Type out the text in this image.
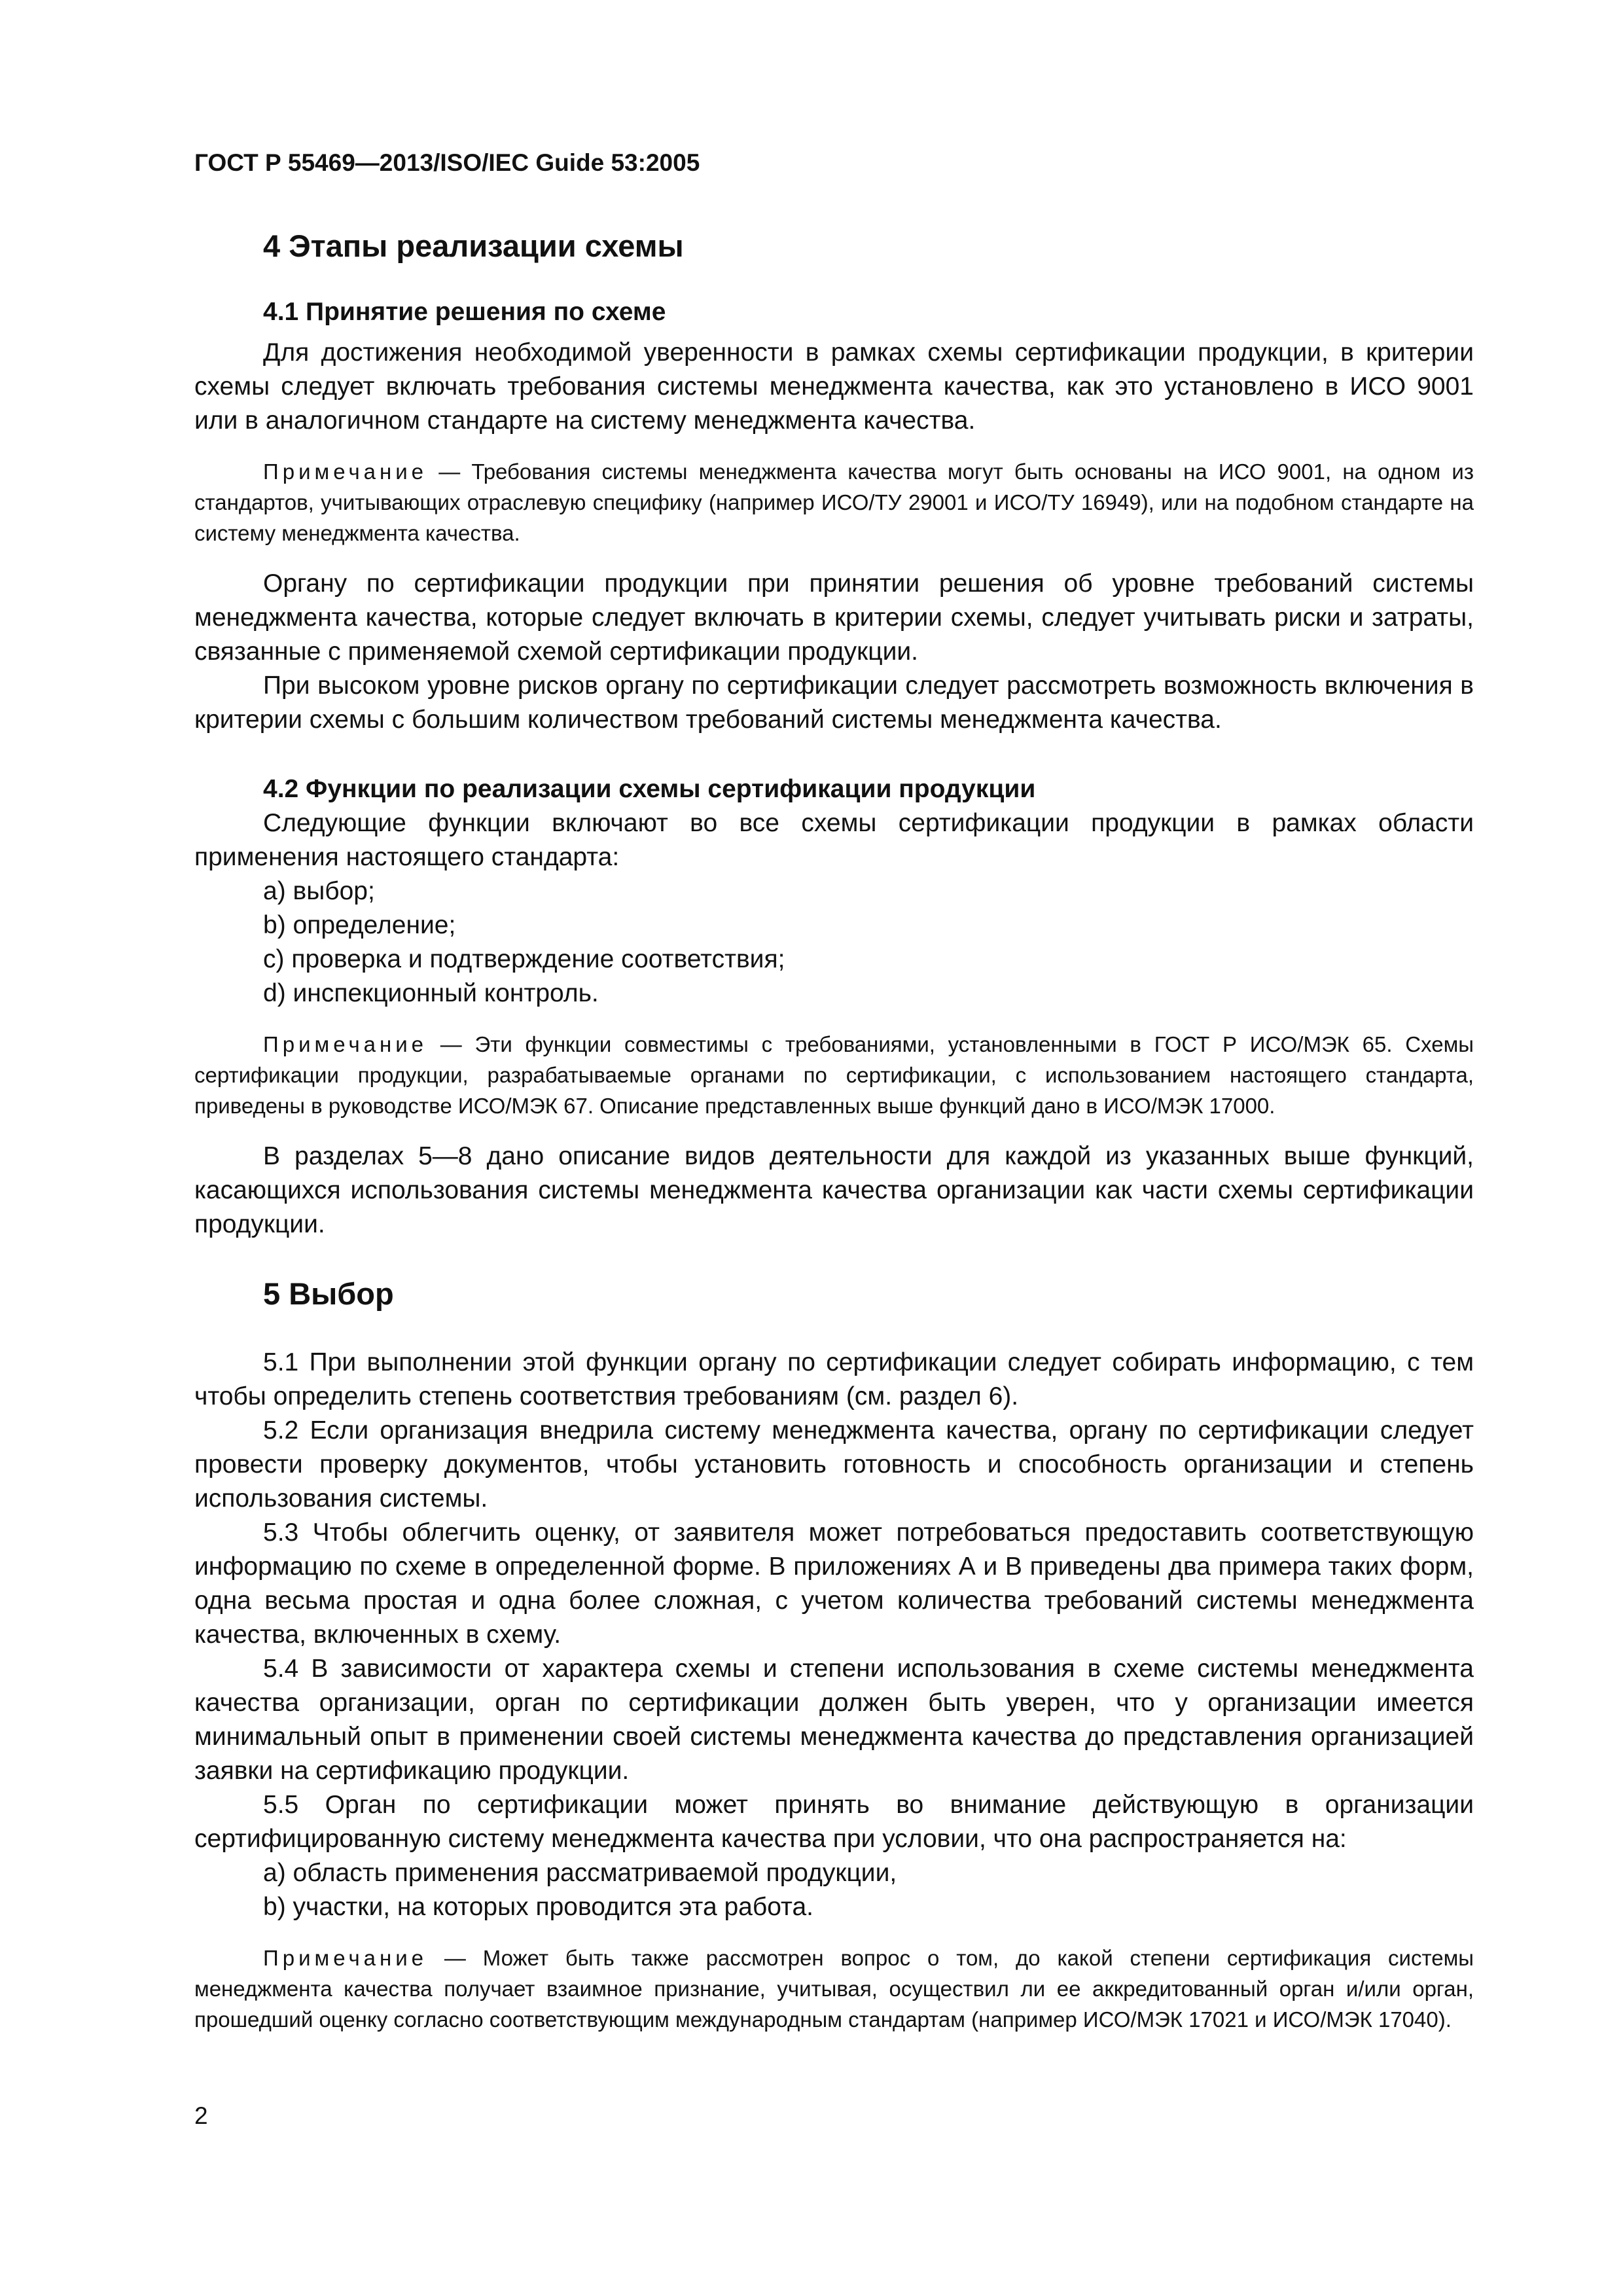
ГОСТ Р 55469—2013/ISO/IEC Guide 53:2005
4 Этапы реализации схемы
4.1 Принятие решения по схеме

Для достижения необходимой уверенности в рамках схемы сертификации продукции, в критерии схемы следует включать требования системы менеджмента качества, как это установлено в ИСО 9001 или в аналогичном стандарте на систему менеджмента качества.

Примечание — Требования системы менеджмента качества могут быть основаны на ИСО 9001, на одном из стандартов, учитывающих отраслевую специфику (например ИСО/ТУ 29001 и ИСО/ТУ 16949), или на подобном стандарте на систему менеджмента качества.

Органу по сертификации продукции при принятии решения об уровне требований системы менеджмента качества, которые следует включать в критерии схемы, следует учитывать риски и затраты, связанные с применяемой схемой сертификации продукции.

При высоком уровне рисков органу по сертификации следует рассмотреть возможность включения в критерии схемы с большим количеством требований системы менеджмента качества.

4.2 Функции по реализации схемы сертификации продукции

Следующие функции включают во все схемы сертификации продукции в рамках области применения настоящего стандарта:

a) выбор;

b) определение;

c) проверка и подтверждение соответствия;

d) инспекционный контроль.

Примечание — Эти функции совместимы с требованиями, установленными в ГОСТ Р ИСО/МЭК 65. Схемы сертификации продукции, разрабатываемые органами по сертификации, с использованием настоящего стандарта, приведены в руководстве ИСО/МЭК 67. Описание представленных выше функций дано в ИСО/МЭК 17000.

В разделах 5—8 дано описание видов деятельности для каждой из указанных выше функций, касающихся использования системы менеджмента качества организации как части схемы сертификации продукции.

5 Выбор

5.1 При выполнении этой функции органу по сертификации следует собирать информацию, с тем чтобы определить степень соответствия требованиям (см. раздел 6).

5.2 Если организация внедрила систему менеджмента качества, органу по сертификации следует провести проверку документов, чтобы установить готовность и способность организации и степень использования системы.

5.3 Чтобы облегчить оценку, от заявителя может потребоваться предоставить соответствующую информацию по схеме в определенной форме. В приложениях А и В приведены два примера таких форм, одна весьма простая и одна более сложная, с учетом количества требований системы менеджмента качества, включенных в схему.

5.4 В зависимости от характера схемы и степени использования в схеме системы менеджмента качества организации, орган по сертификации должен быть уверен, что у организации имеется минимальный опыт в применении своей системы менеджмента качества до представления организацией заявки на сертификацию продукции.

5.5 Орган по сертификации может принять во внимание действующую в организации сертифицированную систему менеджмента качества при условии, что она распространяется на:

a) область применения рассматриваемой продукции,

b) участки, на которых проводится эта работа.

Примечание — Может быть также рассмотрен вопрос о том, до какой степени сертификация системы менеджмента качества получает взаимное признание, учитывая, осуществил ли ее аккредитованный орган и/или орган, прошедший оценку согласно соответствующим международным стандартам (например ИСО/МЭК 17021 и ИСО/МЭК 17040).

2
